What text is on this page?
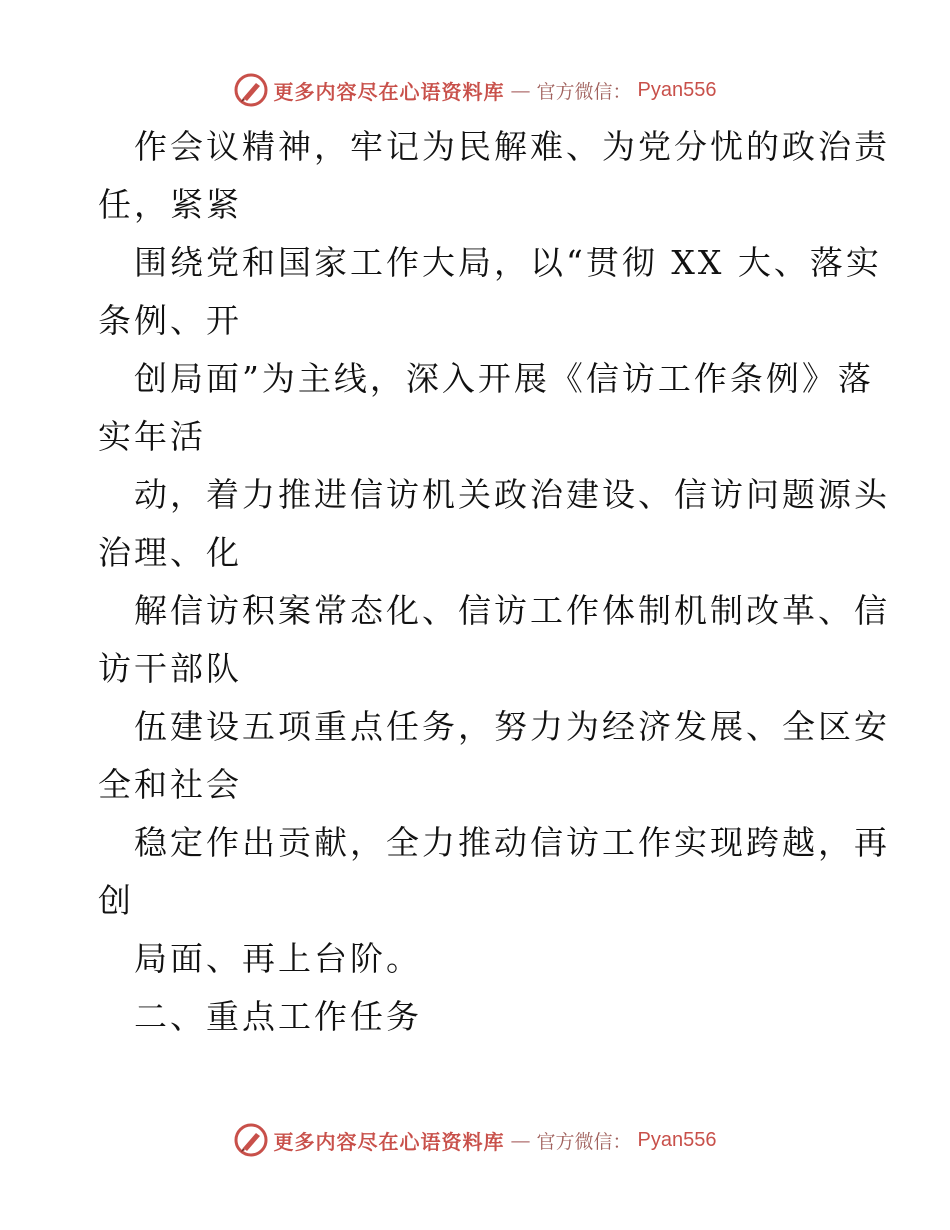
更多内容尽在心语资料库 — 官方微信： Pyan556
作会议精神，牢记为民解难、为党分忧的政治责
任，紧紧
围绕党和国家工作大局，以“贯彻 XX 大、落实
条例、开
创局面”为主线，深入开展《信访工作条例》落
实年活
动，着力推进信访机关政治建设、信访问题源头
治理、化
解信访积案常态化、信访工作体制机制改革、信
访干部队
伍建设五项重点任务，努力为经济发展、全区安
全和社会
稳定作出贡献，全力推动信访工作实现跨越，再
创
局面、再上台阶。
二、重点工作任务
更多内容尽在心语资料库 — 官方微信： Pyan556
